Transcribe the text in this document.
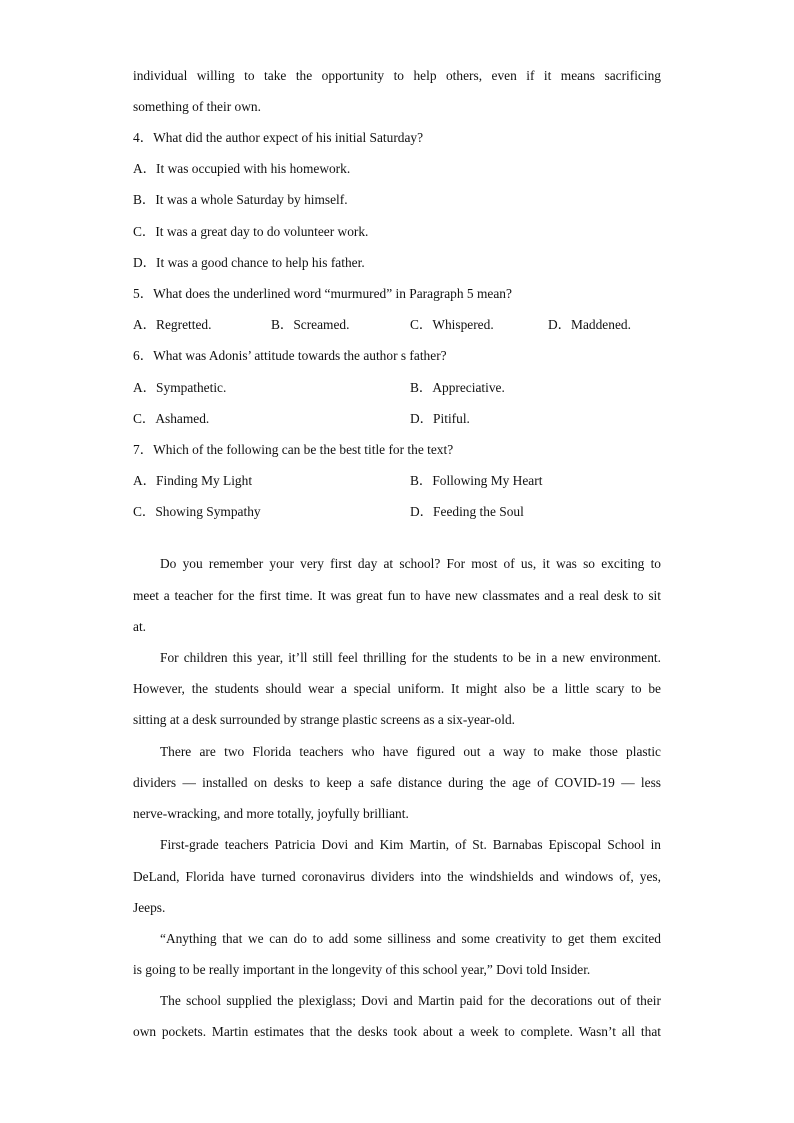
individual willing to take the opportunity to help others, even if it means sacrificing
something of their own.
4．What did the author expect of his initial Saturday?
A．It was occupied with his homework.
B．It was a whole Saturday by himself.
C．It was a great day to do volunteer work.
D．It was a good chance to help his father.
5．What does the underlined word “murmured” in Paragraph 5 mean?
A．Regretted.	B．Screamed.	C．Whispered.	D．Maddened.
6．What was Adonis’ attitude towards the author s father?
A．Sympathetic.	B．Appreciative.
C．Ashamed.	D．Pitiful.
7．Which of the following can be the best title for the text?
A．Finding My Light	B．Following My Heart
C．Showing Sympathy	D．Feeding the Soul
Do you remember your very first day at school? For most of us, it was so exciting to
meet a teacher for the first time. It was great fun to have new classmates and a real desk to sit
at.
For children this year, it’ll still feel thrilling for the students to be in a new environment.
However, the students should wear a special uniform. It might also be a little scary to be
sitting at a desk surrounded by strange plastic screens as a six-year-old.
There are two Florida teachers who have figured out a way to make those plastic
dividers — installed on desks to keep a safe distance during the age of COVID-19 — less
nerve-wracking, and more totally, joyfully brilliant.
First-grade teachers Patricia Dovi and Kim Martin, of St. Barnabas Episcopal School in
DeLand, Florida have turned coronavirus dividers into the windshields and windows of, yes,
Jeeps.
“Anything that we can do to add some silliness and some creativity to get them excited
is going to be really important in the longevity of this school year,” Dovi told Insider.
The school supplied the plexiglass; Dovi and Martin paid for the decorations out of their
own pockets. Martin estimates that the desks took about a week to complete. Wasn’t all that
